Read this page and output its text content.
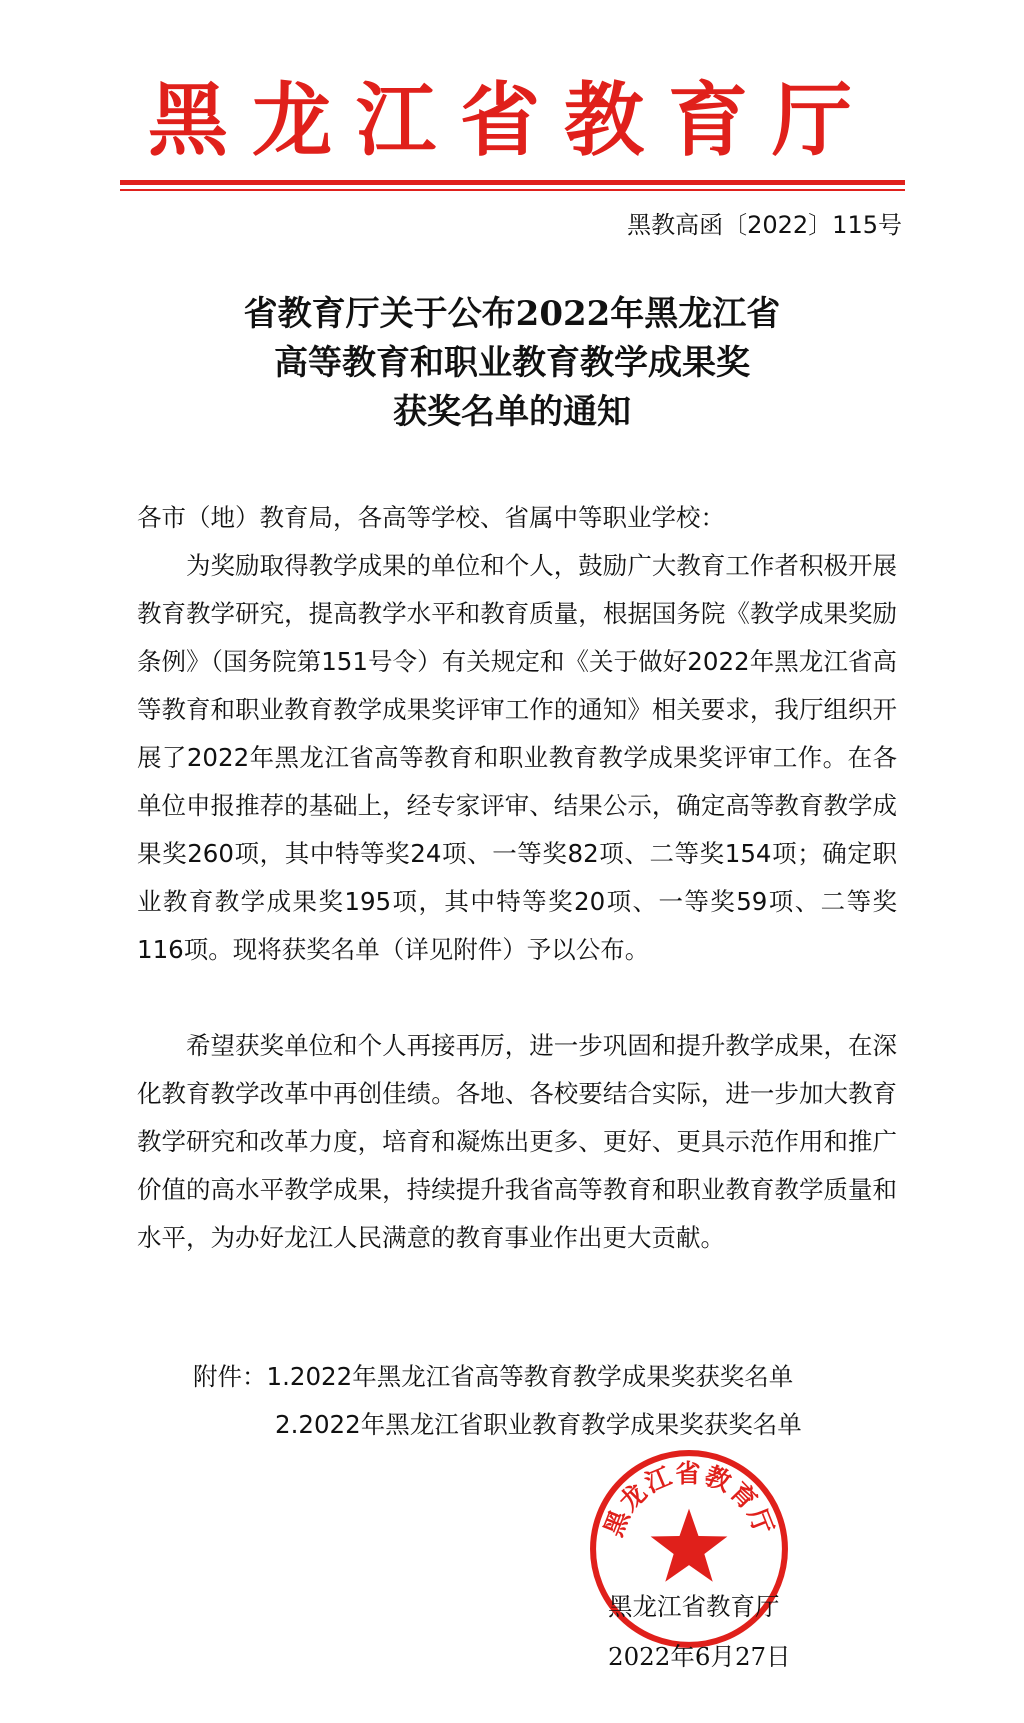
黑龙江省教育厅
黑教高函〔2022〕115号
省教育厅关于公布2022年黑龙江省
高等教育和职业教育教学成果奖
获奖名单的通知
各市（地）教育局，各高等学校、省属中等职业学校：

为奖励取得教学成果的单位和个人，鼓励广大教育工作者积极开展教育教学研究，提高教学水平和教育质量，根据国务院《教学成果奖励条例》（国务院第151号令）有关规定和《关于做好2022年黑龙江省高等教育和职业教育教学成果奖评审工作的通知》相关要求，我厅组织开展了2022年黑龙江省高等教育和职业教育教学成果奖评审工作。在各单位申报推荐的基础上，经专家评审、结果公示，确定高等教育教学成果奖260项，其中特等奖24项、一等奖82项、二等奖154项；确定职业教育教学成果奖195项，其中特等奖20项、一等奖59项、二等奖116项。现将获奖名单（详见附件）予以公布。

希望获奖单位和个人再接再厉，进一步巩固和提升教学成果，在深化教育教学改革中再创佳绩。各地、各校要结合实际，进一步加大教育教学研究和改革力度，培育和凝炼出更多、更好、更具示范作用和推广价值的高水平教学成果，持续提升我省高等教育和职业教育教学质量和水平，为办好龙江人民满意的教育事业作出更大贡献。

附件：1.2022年黑龙江省高等教育教学成果奖获奖名单
2.2022年黑龙江省职业教育教学成果奖获奖名单
黑龙江省教育厅
黑龙江省教育厅
2022年6月27日
